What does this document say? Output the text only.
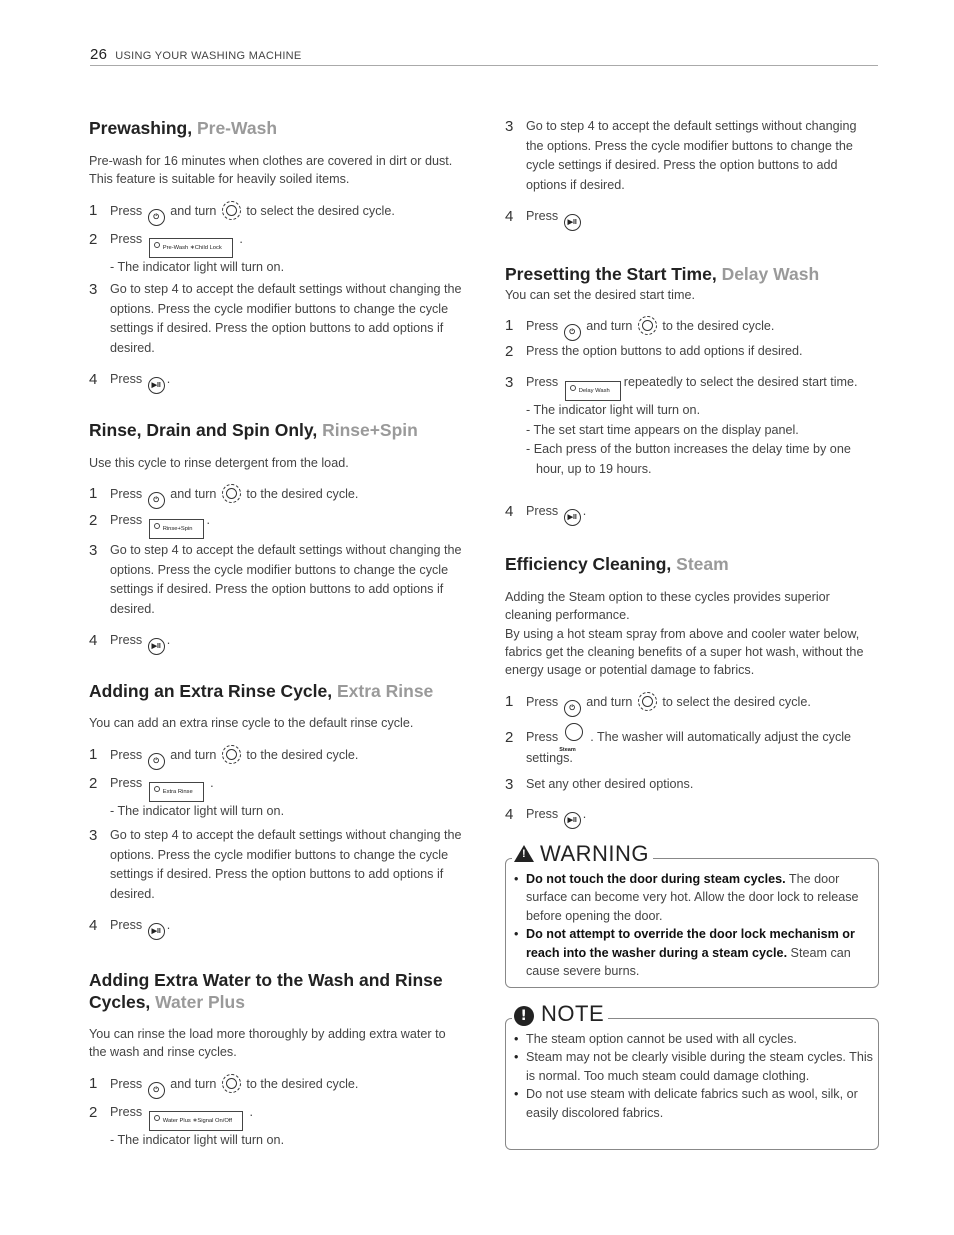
26 USING YOUR WASHING MACHINE
Prewashing, Pre-Wash

Pre-wash for 16 minutes when clothes are covered in dirt or dust. This feature is suitable for heavily soiled items.

1 Press ⏻ and turn to select the desired cycle.
2 Press Pre-Wash ∗Child Lock .
- The indicator light will turn on.
3 Go to step 4 to accept the default settings without changing the options. Press the cycle modifier buttons to change the cycle settings if desired. Press the option buttons to add options if desired.
4 Press ▶II .
Rinse, Drain and Spin Only, Rinse+Spin

Use this cycle to rinse detergent from the load.

1 Press ⏻ and turn to the desired cycle.
2 Press Rinse+Spin.
3 Go to step 4 to accept the default settings without changing the options. Press the cycle modifier buttons to change the cycle settings if desired. Press the option buttons to add options if desired.
4 Press ▶II .
Adding an Extra Rinse Cycle, Extra Rinse

You can add an extra rinse cycle to the default rinse cycle.

1 Press ⏻ and turn to the desired cycle.
2 Press Extra Rinse .
- The indicator light will turn on.
3 Go to step 4 to accept the default settings without changing the options. Press the cycle modifier buttons to change the cycle settings if desired. Press the option buttons to add options if desired.
4 Press ▶II .
Adding Extra Water to the Wash and Rinse Cycles, Water Plus

You can rinse the load more thoroughly by adding extra water to the wash and rinse cycles.

1 Press ⏻ and turn to the desired cycle.
2 Press Water Plus ∗Signal On/Off .
- The indicator light will turn on.
3 Go to step 4 to accept the default settings without changing the options. Press the cycle modifier buttons to change the cycle settings if desired. Press the option buttons to add options if desired.
4 Press ▶II
Presetting the Start Time, Delay Wash

You can set the desired start time.

1 Press ⏻ and turn to the desired cycle.
2 Press the option buttons to add options if desired.
3 Press Delay Washrepeatedly to select the desired start time.
- The indicator light will turn on.
- The set start time appears on the display panel.
- Each press of the button increases the delay time by one hour, up to 19 hours.
4 Press ▶II .
Efficiency Cleaning, Steam

Adding the Steam option to these cycles provides superior cleaning performance.

By using a hot steam spray from above and cooler water below, fabrics get the cleaning benefits of a super hot wash, without the energy usage or potential damage to fabrics.

1 Press ⏻ and turn to select the desired cycle.
2 Press
Steam
. The washer will automatically adjust the cycle settings.
3 Set any other desired options.
4 Press ▶II .
! WARNING
• Do not touch the door during steam cycles. The door surface can become very hot. Allow the door lock to release before opening the door.
• Do not attempt to override the door lock mechanism or reach into the washer during a steam cycle. Steam can cause severe burns.
! NOTE
• The steam option cannot be used with all cycles.
• Steam may not be clearly visible during the steam cycles. This is normal. Too much steam could damage clothing.
• Do not use steam with delicate fabrics such as wool, silk, or easily discolored fabrics.
